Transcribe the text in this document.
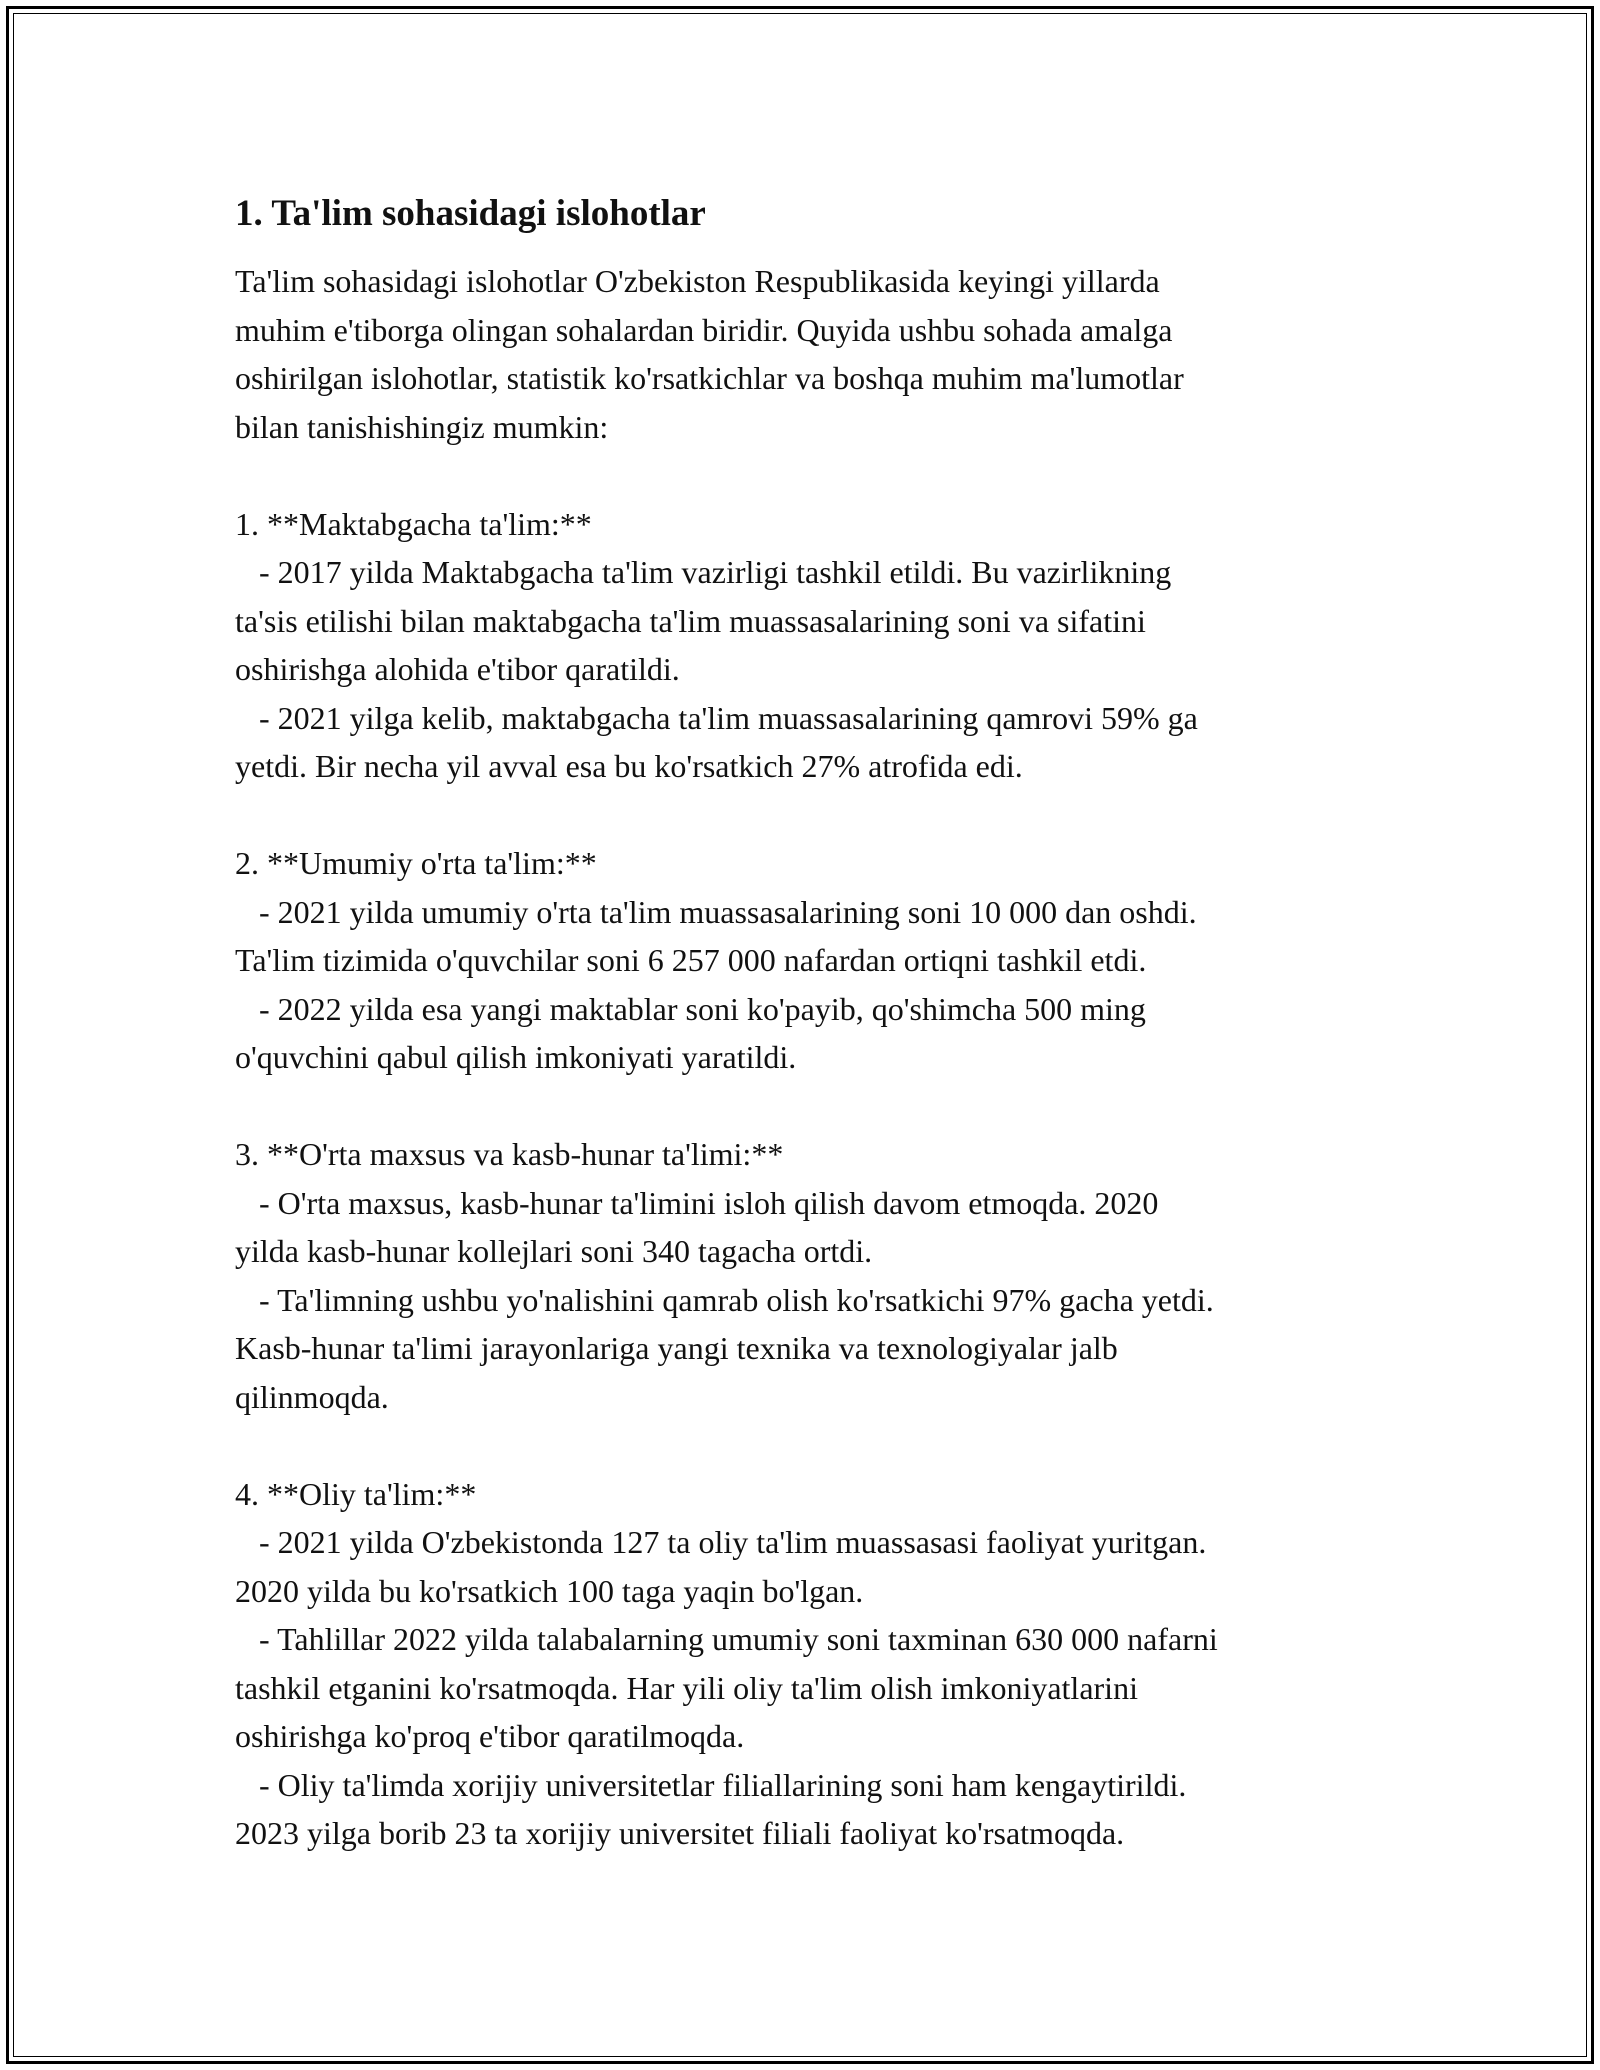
1. Ta'lim sohasidagi islohotlar

Ta'lim sohasidagi islohotlar O'zbekiston Respublikasida keyingi yillarda
muhim e'tiborga olingan sohalardan biridir. Quyida ushbu sohada amalga
oshirilgan islohotlar, statistik ko'rsatkichlar va boshqa muhim ma'lumotlar
bilan tanishishingiz mumkin:

1. **Maktabgacha ta'lim:**

- 2017 yilda Maktabgacha ta'lim vazirligi tashkil etildi. Bu vazirlikning
ta'sis etilishi bilan maktabgacha ta'lim muassasalarining soni va sifatini
oshirishga alohida e'tibor qaratildi.
- 2021 yilga kelib, maktabgacha ta'lim muassasalarining qamrovi 59% ga
yetdi. Bir necha yil avval esa bu ko'rsatkich 27% atrofida edi.

2. **Umumiy o'rta ta'lim:**

- 2021 yilda umumiy o'rta ta'lim muassasalarining soni 10 000 dan oshdi.
Ta'lim tizimida o'quvchilar soni 6 257 000 nafardan ortiqni tashkil etdi.
- 2022 yilda esa yangi maktablar soni ko'payib, qo'shimcha 500 ming
o'quvchini qabul qilish imkoniyati yaratildi.

3. **O'rta maxsus va kasb-hunar ta'limi:**

- O'rta maxsus, kasb-hunar ta'limini isloh qilish davom etmoqda. 2020
yilda kasb-hunar kollejlari soni 340 tagacha ortdi.
- Ta'limning ushbu yo'nalishini qamrab olish ko'rsatkichi 97% gacha yetdi.
Kasb-hunar ta'limi jarayonlariga yangi texnika va texnologiyalar jalb
qilinmoqda.

4. **Oliy ta'lim:**

- 2021 yilda O'zbekistonda 127 ta oliy ta'lim muassasasi faoliyat yuritgan.
2020 yilda bu ko'rsatkich 100 taga yaqin bo'lgan.
- Tahlillar 2022 yilda talabalarning umumiy soni taxminan 630 000 nafarni
tashkil etganini ko'rsatmoqda. Har yili oliy ta'lim olish imkoniyatlarini
oshirishga ko'proq e'tibor qaratilmoqda.
- Oliy ta'limda xorijiy universitetlar filiallarining soni ham kengaytirildi.
2023 yilga borib 23 ta xorijiy universitet filiali faoliyat ko'rsatmoqda.
